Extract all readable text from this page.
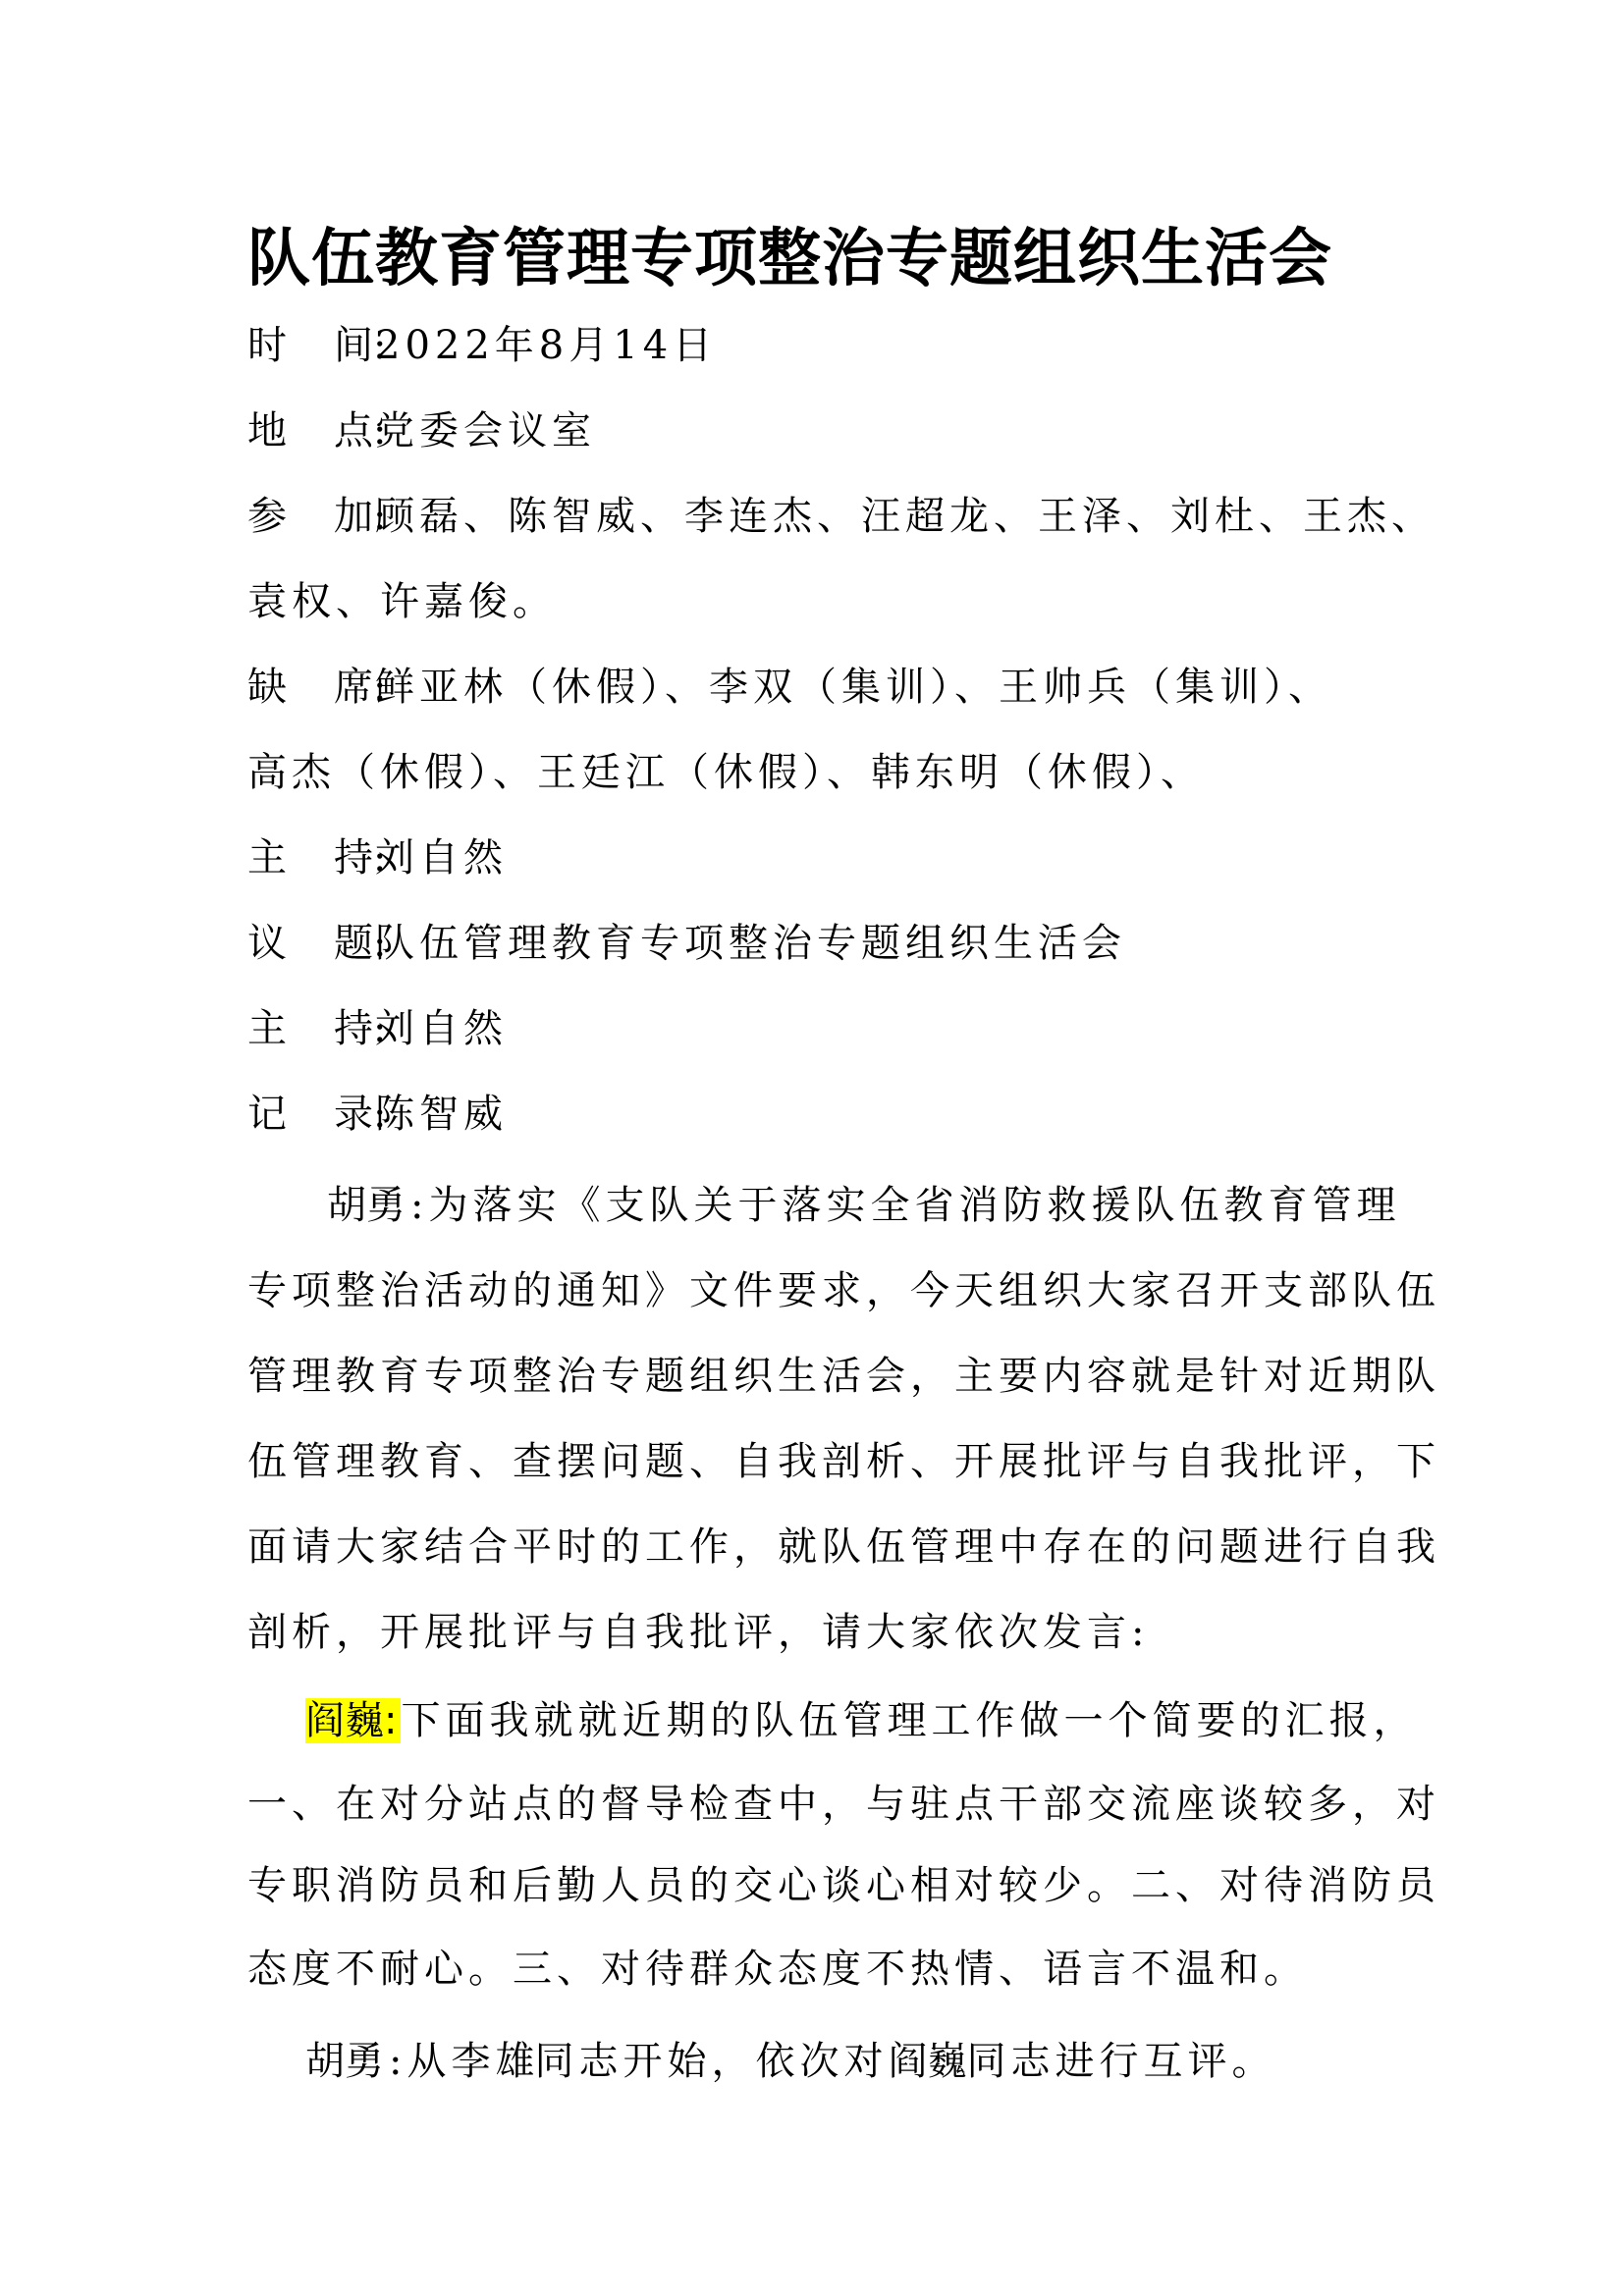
队伍教育管理专项整治专题组织生活会
时 间:2022年8月14日
地 点:党委会议室
参 加:顾磊、陈智威、李连杰、汪超龙、王泽、刘杜、王杰、
袁权、许嘉俊。
缺 席:鲜亚林（休假）、李双（集训）、王帅兵（集训）、
高杰（休假）、王廷江（休假）、韩东明（休假）、
主 持:刘自然
议 题:队伍管理教育专项整治专题组织生活会
主 持:刘自然
记 录:陈智威
胡勇:为落实《支队关于落实全省消防救援队伍教育管理
专项整治活动的通知》文件要求，今天组织大家召开支部队伍
管理教育专项整治专题组织生活会，主要内容就是针对近期队
伍管理教育、查摆问题、自我剖析、开展批评与自我批评，下
面请大家结合平时的工作，就队伍管理中存在的问题进行自我
剖析，开展批评与自我批评，请大家依次发言:
阎巍: 下面我就就近期的队伍管理工作做一个简要的汇报，
一、在对分站点的督导检查中，与驻点干部交流座谈较多，对
专职消防员和后勤人员的交心谈心相对较少。二、对待消防员
态度不耐心。三、对待群众态度不热情、语言不温和。
胡勇:从李雄同志开始，依次对阎巍同志进行互评。
